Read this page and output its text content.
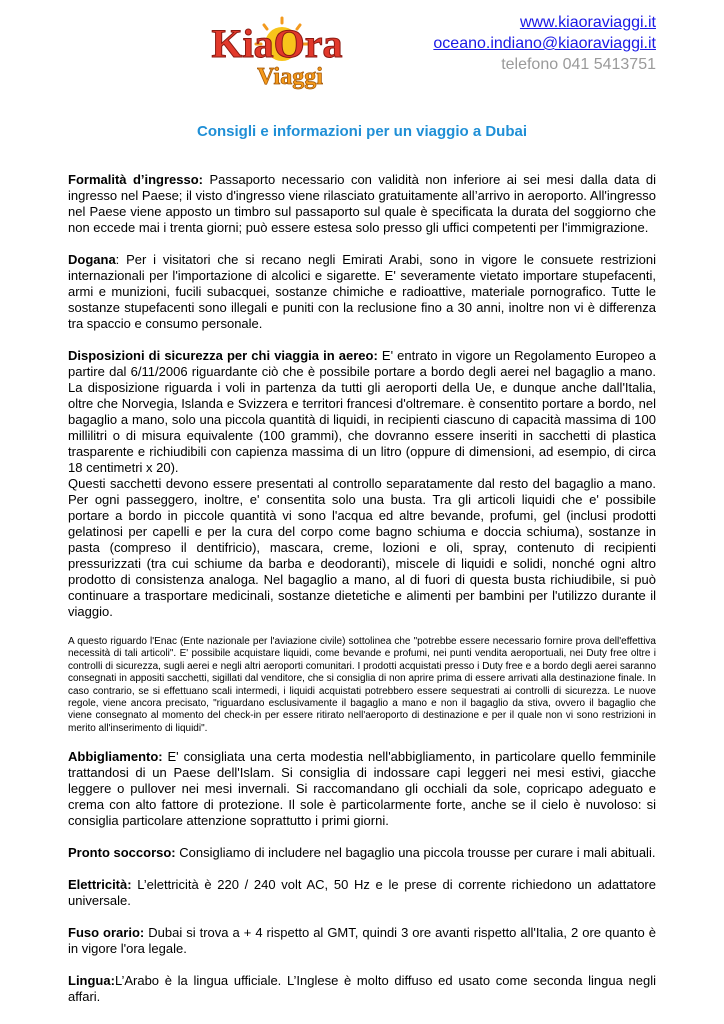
KiaOra
Viaggi
www.kiaoraviaggi.it
oceano.indiano@kiaoraviaggi.it
telefono 041 5413751
Consigli e informazioni per un viaggio a Dubai

Formalità d’ingresso: Passaporto necessario con validità non inferiore ai sei mesi dalla data di ingresso nel Paese; il visto d'ingresso viene rilasciato gratuitamente all’arrivo in aeroporto. All'ingresso nel Paese viene apposto un timbro sul passaporto sul quale è specificata la durata del soggiorno che non eccede mai i trenta giorni; può essere estesa solo presso gli uffici competenti per l'immigrazione.

Dogana: Per i visitatori che si recano negli Emirati Arabi, sono in vigore le consuete restrizioni internazionali per l'importazione di alcolici e sigarette. E' severamente vietato importare stupefacenti, armi e munizioni, fucili subacquei, sostanze chimiche e radioattive, materiale pornografico. Tutte le sostanze stupefacenti sono illegali e puniti con la reclusione fino a 30 anni, inoltre non vi è differenza tra spaccio e consumo personale.

Disposizioni di sicurezza per chi viaggia in aereo: E' entrato in vigore un Regolamento Europeo a partire dal 6/11/2006 riguardante ciò che è possibile portare a bordo degli aerei nel bagaglio a mano. La disposizione riguarda i voli in partenza da tutti gli aeroporti della Ue, e dunque anche dall'Italia, oltre che Norvegia, Islanda e Svizzera e territori francesi d'oltremare. è consentito portare a bordo, nel bagaglio a mano, solo una piccola quantità di liquidi, in recipienti ciascuno di capacità massima di 100 millilitri o di misura equivalente (100 grammi), che dovranno essere inseriti in sacchetti di plastica trasparente e richiudibili con capienza massima di un litro (oppure di dimensioni, ad esempio, di circa 18 centimetri x 20).

Questi sacchetti devono essere presentati al controllo separatamente dal resto del bagaglio a mano. Per ogni passeggero, inoltre, e' consentita solo una busta. Tra gli articoli liquidi che e' possibile portare a bordo in piccole quantità vi sono l'acqua ed altre bevande, profumi, gel (inclusi prodotti gelatinosi per capelli e per la cura del corpo come bagno schiuma e doccia schiuma), sostanze in pasta (compreso il dentifricio), mascara, creme, lozioni e oli, spray, contenuto di recipienti pressurizzati (tra cui schiume da barba e deodoranti), miscele di liquidi e solidi, nonché ogni altro prodotto di consistenza analoga. Nel bagaglio a mano, al di fuori di questa busta richiudibile, si può continuare a trasportare medicinali, sostanze dietetiche e alimenti per bambini per l'utilizzo durante il viaggio.

A questo riguardo l'Enac (Ente nazionale per l'aviazione civile) sottolinea che "potrebbe essere necessario fornire prova dell'effettiva necessità di tali articoli". E' possibile acquistare liquidi, come bevande e profumi, nei punti vendita aeroportuali, nei Duty free oltre i controlli di sicurezza, sugli aerei e negli altri aeroporti comunitari. I prodotti acquistati presso i Duty free e a bordo degli aerei saranno consegnati in appositi sacchetti, sigillati dal venditore, che si consiglia di non aprire prima di essere arrivati alla destinazione finale. In caso contrario, se si effettuano scali intermedi, i liquidi acquistati potrebbero essere sequestrati ai controlli di sicurezza. Le nuove regole, viene ancora precisato, "riguardano esclusivamente il bagaglio a mano e non il bagaglio da stiva, ovvero il bagaglio che viene consegnato al momento del check-in per essere ritirato nell'aeroporto di destinazione e per il quale non vi sono restrizioni in merito all'inserimento di liquidi".

Abbigliamento: E' consigliata una certa modestia nell'abbigliamento, in particolare quello femminile trattandosi di un Paese dell'Islam. Si consiglia di indossare capi leggeri nei mesi estivi, giacche leggere o pullover nei mesi invernali. Si raccomandano gli occhiali da sole, copricapo adeguato e crema con alto fattore di protezione. Il sole è particolarmente forte, anche se il cielo è nuvoloso: si consiglia particolare attenzione soprattutto i primi giorni.

Pronto soccorso: Consigliamo di includere nel bagaglio una piccola trousse per curare i mali abituali.

Elettricità: L’elettricità è 220 / 240 volt AC, 50 Hz e le prese di corrente richiedono un adattatore universale.

Fuso orario: Dubai si trova a + 4 rispetto al GMT, quindi 3 ore avanti rispetto all'Italia, 2 ore quanto è in vigore l'ora legale.

Lingua:L’Arabo è la lingua ufficiale. L’Inglese è molto diffuso ed usato come seconda lingua negli affari.
